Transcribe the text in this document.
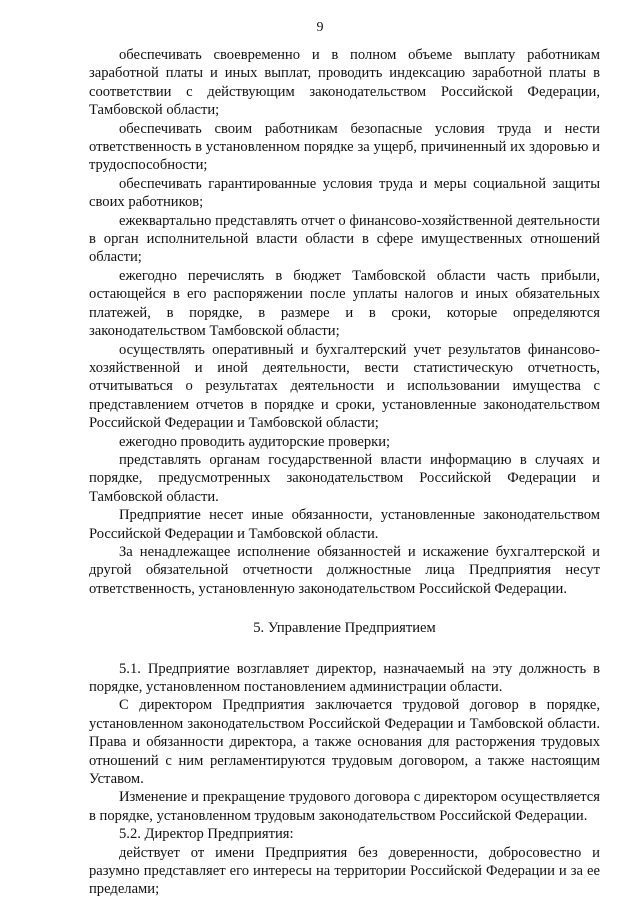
9

обеспечивать своевременно и в полном объеме выплату работникам заработной платы и иных выплат, проводить индексацию заработной платы в соответствии с действующим законодательством Российской Федерации, Тамбовской области;

обеспечивать своим работникам безопасные условия труда и нести ответственность в установленном порядке за ущерб, причиненный их здоровью и трудоспособности;

обеспечивать гарантированные условия труда и меры социальной защиты своих работников;

ежеквартально представлять отчет о финансово-хозяйственной деятельности в орган исполнительной власти области в сфере имущественных отношений области;

ежегодно перечислять в бюджет Тамбовской области часть прибыли, остающейся в его распоряжении после уплаты налогов и иных обязательных платежей, в порядке, в размере и в сроки, которые определяются законодательством Тамбовской области;

осуществлять оперативный и бухгалтерский учет результатов финансово-хозяйственной и иной деятельности, вести статистическую отчетность, отчитываться о результатах деятельности и использовании имущества с представлением отчетов в порядке и сроки, установленные законодательством Российской Федерации и Тамбовской области;

ежегодно проводить аудиторские проверки;

представлять органам государственной власти информацию в случаях и порядке, предусмотренных законодательством Российской Федерации и Тамбовской области.

Предприятие несет иные обязанности, установленные законодательством Российской Федерации и Тамбовской области.

За ненадлежащее исполнение обязанностей и искажение бухгалтерской и другой обязательной отчетности должностные лица Предприятия несут ответственность, установленную законодательством Российской Федерации.

5. Управление Предприятием

5.1. Предприятие возглавляет директор, назначаемый на эту должность в порядке, установленном постановлением администрации области.

С директором Предприятия заключается трудовой договор в порядке, установленном законодательством Российской Федерации и Тамбовской области. Права и обязанности директора, а также основания для расторжения трудовых отношений с ним регламентируются трудовым договором, а также настоящим Уставом.

Изменение и прекращение трудового договора с директором осуществляется в порядке, установленном трудовым законодательством Российской Федерации.

5.2. Директор Предприятия:

действует от имени Предприятия без доверенности, добросовестно и разумно представляет его интересы на территории Российской Федерации и за ее пределами;
